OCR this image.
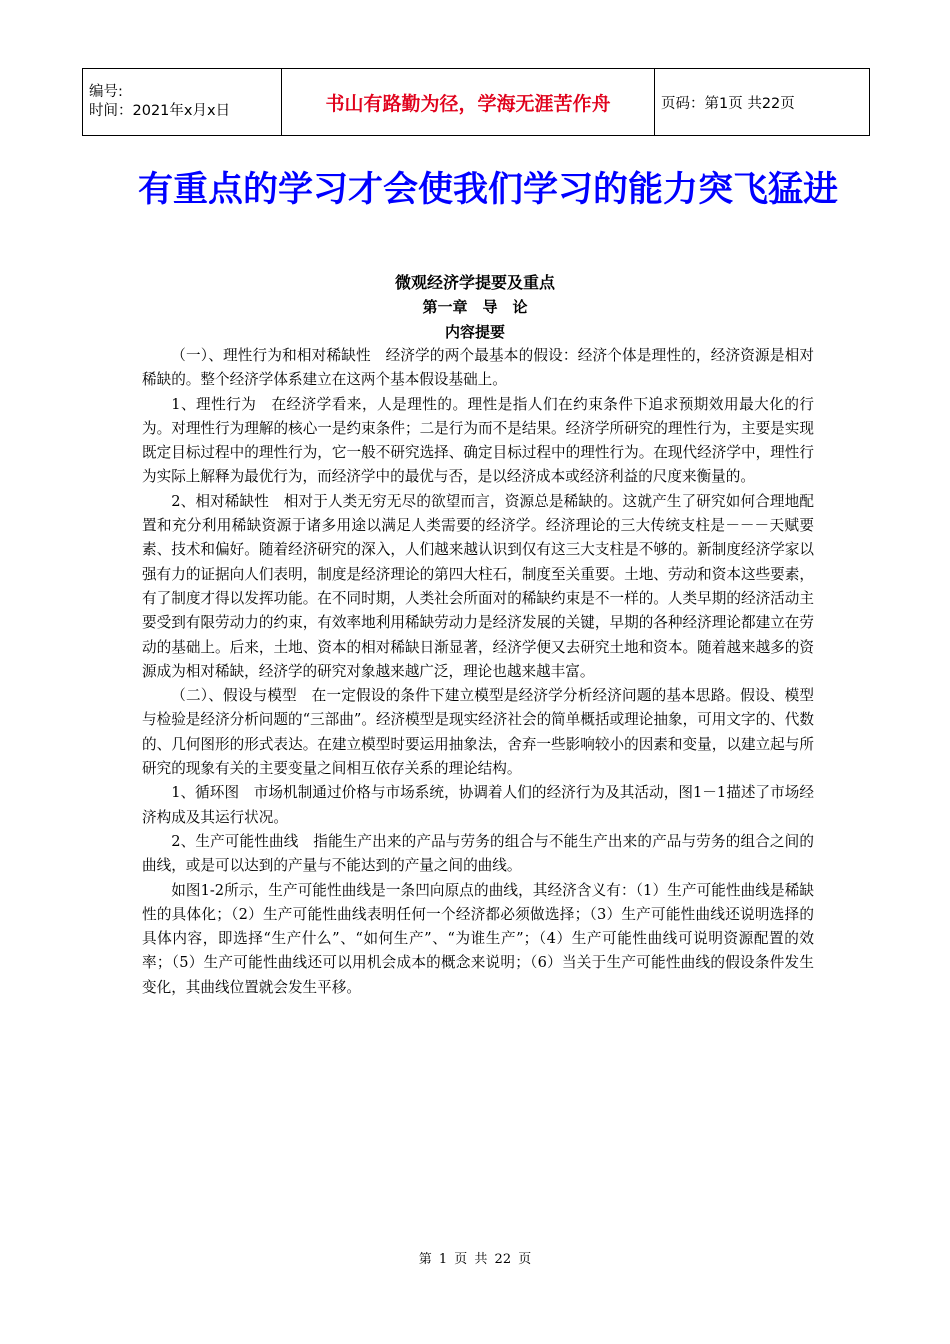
编号:
时间：2021年x月x日	书山有路勤为径，学海无涯苦作舟	页码：第1页 共22页
有重点的学习才会使我们学习的能力突飞猛进
微观经济学提要及重点
第一章　导　论
内容提要

（一）、理性行为和相对稀缺性　经济学的两个最基本的假设：经济个体是理性的，经济资源是相对稀缺的。整个经济学体系建立在这两个基本假设基础上。

1、理性行为　在经济学看来，人是理性的。理性是指人们在约束条件下追求预期效用最大化的行为。对理性行为理解的核心一是约束条件；二是行为而不是结果。经济学所研究的理性行为，主要是实现既定目标过程中的理性行为，它一般不研究选择、确定目标过程中的理性行为。在现代经济学中，理性行为实际上解释为最优行为，而经济学中的最优与否，是以经济成本或经济利益的尺度来衡量的。

2、相对稀缺性　相对于人类无穷无尽的欲望而言，资源总是稀缺的。这就产生了研究如何合理地配置和充分利用稀缺资源于诸多用途以满足人类需要的经济学。经济理论的三大传统支柱是－－－天赋要素、技术和偏好。随着经济研究的深入，人们越来越认识到仅有这三大支柱是不够的。新制度经济学家以强有力的证据向人们表明，制度是经济理论的第四大柱石，制度至关重要。土地、劳动和资本这些要素，有了制度才得以发挥功能。在不同时期，人类社会所面对的稀缺约束是不一样的。人类早期的经济活动主要受到有限劳动力的约束，有效率地利用稀缺劳动力是经济发展的关键，早期的各种经济理论都建立在劳动的基础上。后来，土地、资本的相对稀缺日渐显著，经济学便又去研究土地和资本。随着越来越多的资源成为相对稀缺，经济学的研究对象越来越广泛，理论也越来越丰富。

（二）、假设与模型　在一定假设的条件下建立模型是经济学分析经济问题的基本思路。假设、模型与检验是经济分析问题的“三部曲”。经济模型是现实经济社会的简单概括或理论抽象，可用文字的、代数的、几何图形的形式表达。在建立模型时要运用抽象法，舍弃一些影响较小的因素和变量，以建立起与所研究的现象有关的主要变量之间相互依存关系的理论结构。

1、循环图　市场机制通过价格与市场系统，协调着人们的经济行为及其活动，图1－1描述了市场经济构成及其运行状况。

2、生产可能性曲线　指能生产出来的产品与劳务的组合与不能生产出来的产品与劳务的组合之间的曲线，或是可以达到的产量与不能达到的产量之间的曲线。

如图1-2所示，生产可能性曲线是一条凹向原点的曲线，其经济含义有：（1）生产可能性曲线是稀缺性的具体化；（2）生产可能性曲线表明任何一个经济都必须做选择；（3）生产可能性曲线还说明选择的具体内容，即选择“生产什么”、“如何生产”、“为谁生产”；（4）生产可能性曲线可说明资源配置的效率；（5）生产可能性曲线还可以用机会成本的概念来说明；（6）当关于生产可能性曲线的假设条件发生变化，其曲线位置就会发生平移。

第 1 页 共 22 页
